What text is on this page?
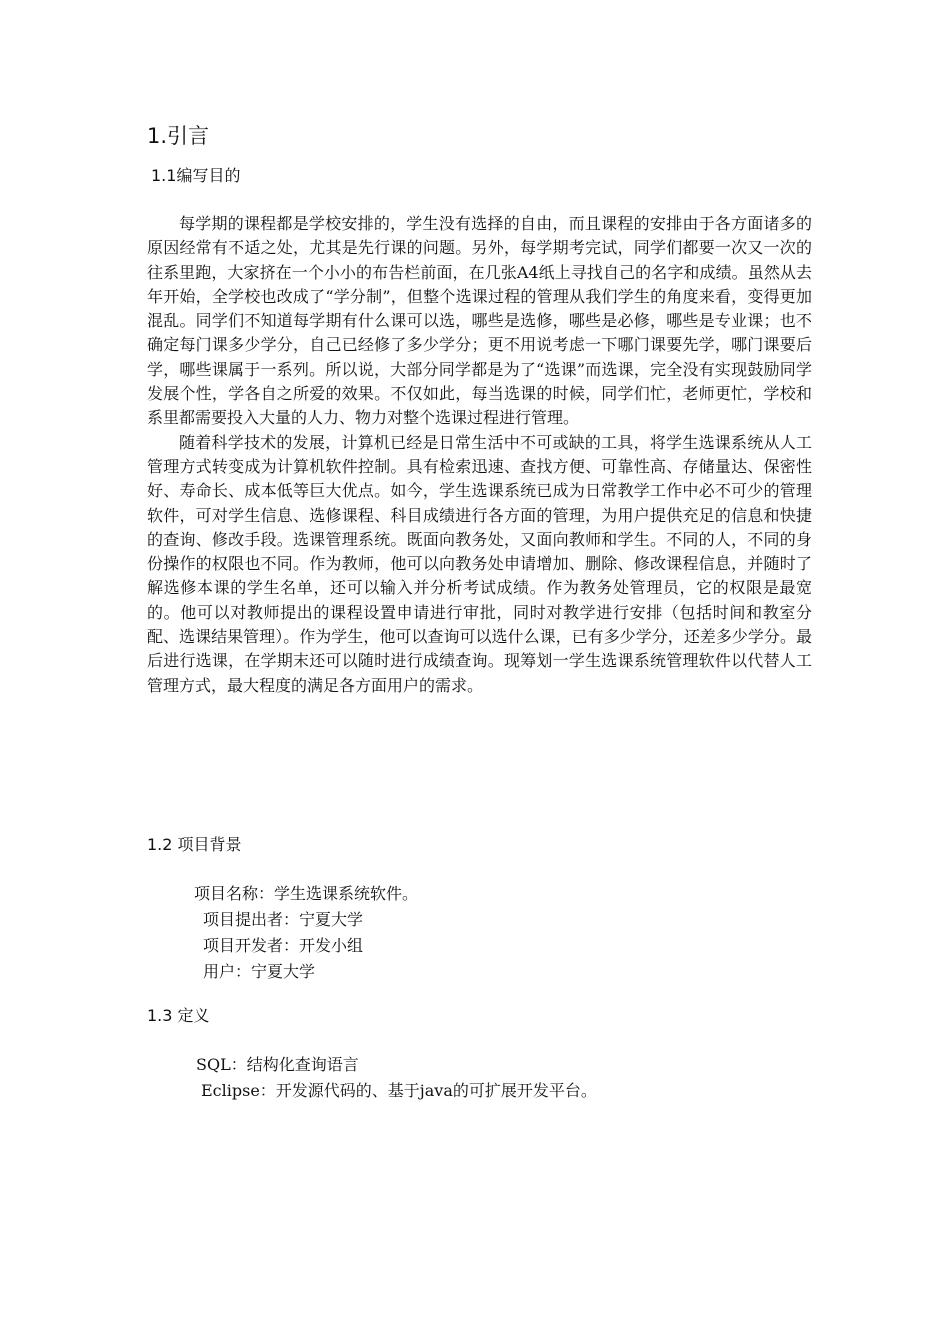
1.引言
1.1编写目的

每学期的课程都是学校安排的，学生没有选择的自由，而且课程的安排由于各方面诸多的原因经常有不适之处，尤其是先行课的问题。另外，每学期考完试，同学们都要一次又一次的往系里跑，大家挤在一个小小的布告栏前面，在几张A4纸上寻找自己的名字和成绩。虽然从去年开始，全学校也改成了“学分制”，但整个选课过程的管理从我们学生的角度来看，变得更加混乱。同学们不知道每学期有什么课可以选，哪些是选修，哪些是必修，哪些是专业课；也不确定每门课多少学分，自己已经修了多少学分；更不用说考虑一下哪门课要先学，哪门课要后学，哪些课属于一系列。所以说，大部分同学都是为了“选课”而选课，完全没有实现鼓励同学发展个性，学各自之所爱的效果。不仅如此，每当选课的时候，同学们忙，老师更忙，学校和系里都需要投入大量的人力、物力对整个选课过程进行管理。

随着科学技术的发展，计算机已经是日常生活中不可或缺的工具，将学生选课系统从人工管理方式转变成为计算机软件控制。具有检索迅速、查找方便、可靠性高、存储量达、保密性好、寿命长、成本低等巨大优点。如今，学生选课系统已成为日常教学工作中必不可少的管理软件，可对学生信息、选修课程、科目成绩进行各方面的管理，为用户提供充足的信息和快捷的查询、修改手段。选课管理系统。既面向教务处，又面向教师和学生。不同的人，不同的身份操作的权限也不同。作为教师，他可以向教务处申请增加、删除、修改课程信息，并随时了解选修本课的学生名单，还可以输入并分析考试成绩。作为教务处管理员，它的权限是最宽的。他可以对教师提出的课程设置申请进行审批，同时对教学进行安排（包括时间和教室分配、选课结果管理）。作为学生，他可以查询可以选什么课，已有多少学分，还差多少学分。最后进行选课，在学期末还可以随时进行成绩查询。现筹划一学生选课系统管理软件以代替人工管理方式，最大程度的满足各方面用户的需求。

1.2 项目背景
项目名称：学生选课系统软件。
项目提出者：宁夏大学
项目开发者：开发小组
用户：宁夏大学
1.3 定义
SQL：结构化查询语言
Eclipse：开发源代码的、基于java的可扩展开发平台。
